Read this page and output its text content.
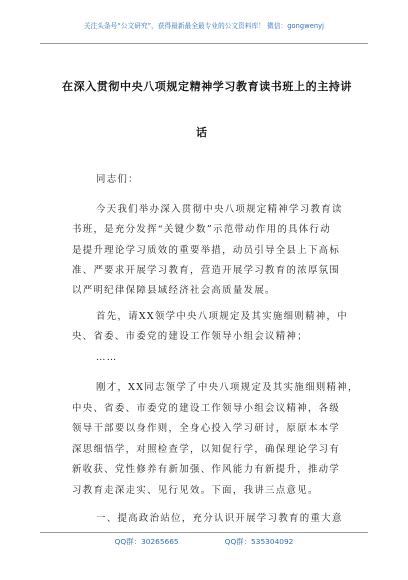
关注头条号“公文研究”，获得最新最全最专业的公文资料库！ 微信：gongwenyj
在深入贯彻中央八项规定精神学习教育读书班上的主持讲
话
同志们：
今天我们举办深入贯彻中央八项规定精神学习教育读
书班，是充分发挥“关键少数”示范带动作用的具体行动
是提升理论学习质效的重要举措，动员引导全县上下高标
准、严要求开展学习教育，营造开展学习教育的浓厚氛围
以严明纪律保障县域经济社会高质量发展。
首先，请XX领学中央八项规定及其实施细则精神，中
央、省委、市委党的建设工作领导小组会议精神；
……
刚才，XX同志领学了中央八项规定及其实施细则精神，
中央、省委、市委党的建设工作领导小组会议精神，各级
领导干部要以身作则，全身心投入学习研讨，原原本本学
深思细悟学，对照检查学，以知促行学，确保理论学习有
新收获、党性修养有新加强、作风能力有新提升，推动学
习教育走深走实、见行见效。下面，我讲三点意见。
一、提高政治站位，充分认识开展学习教育的重大意
QQ群：30265665	QQ群：535304092
